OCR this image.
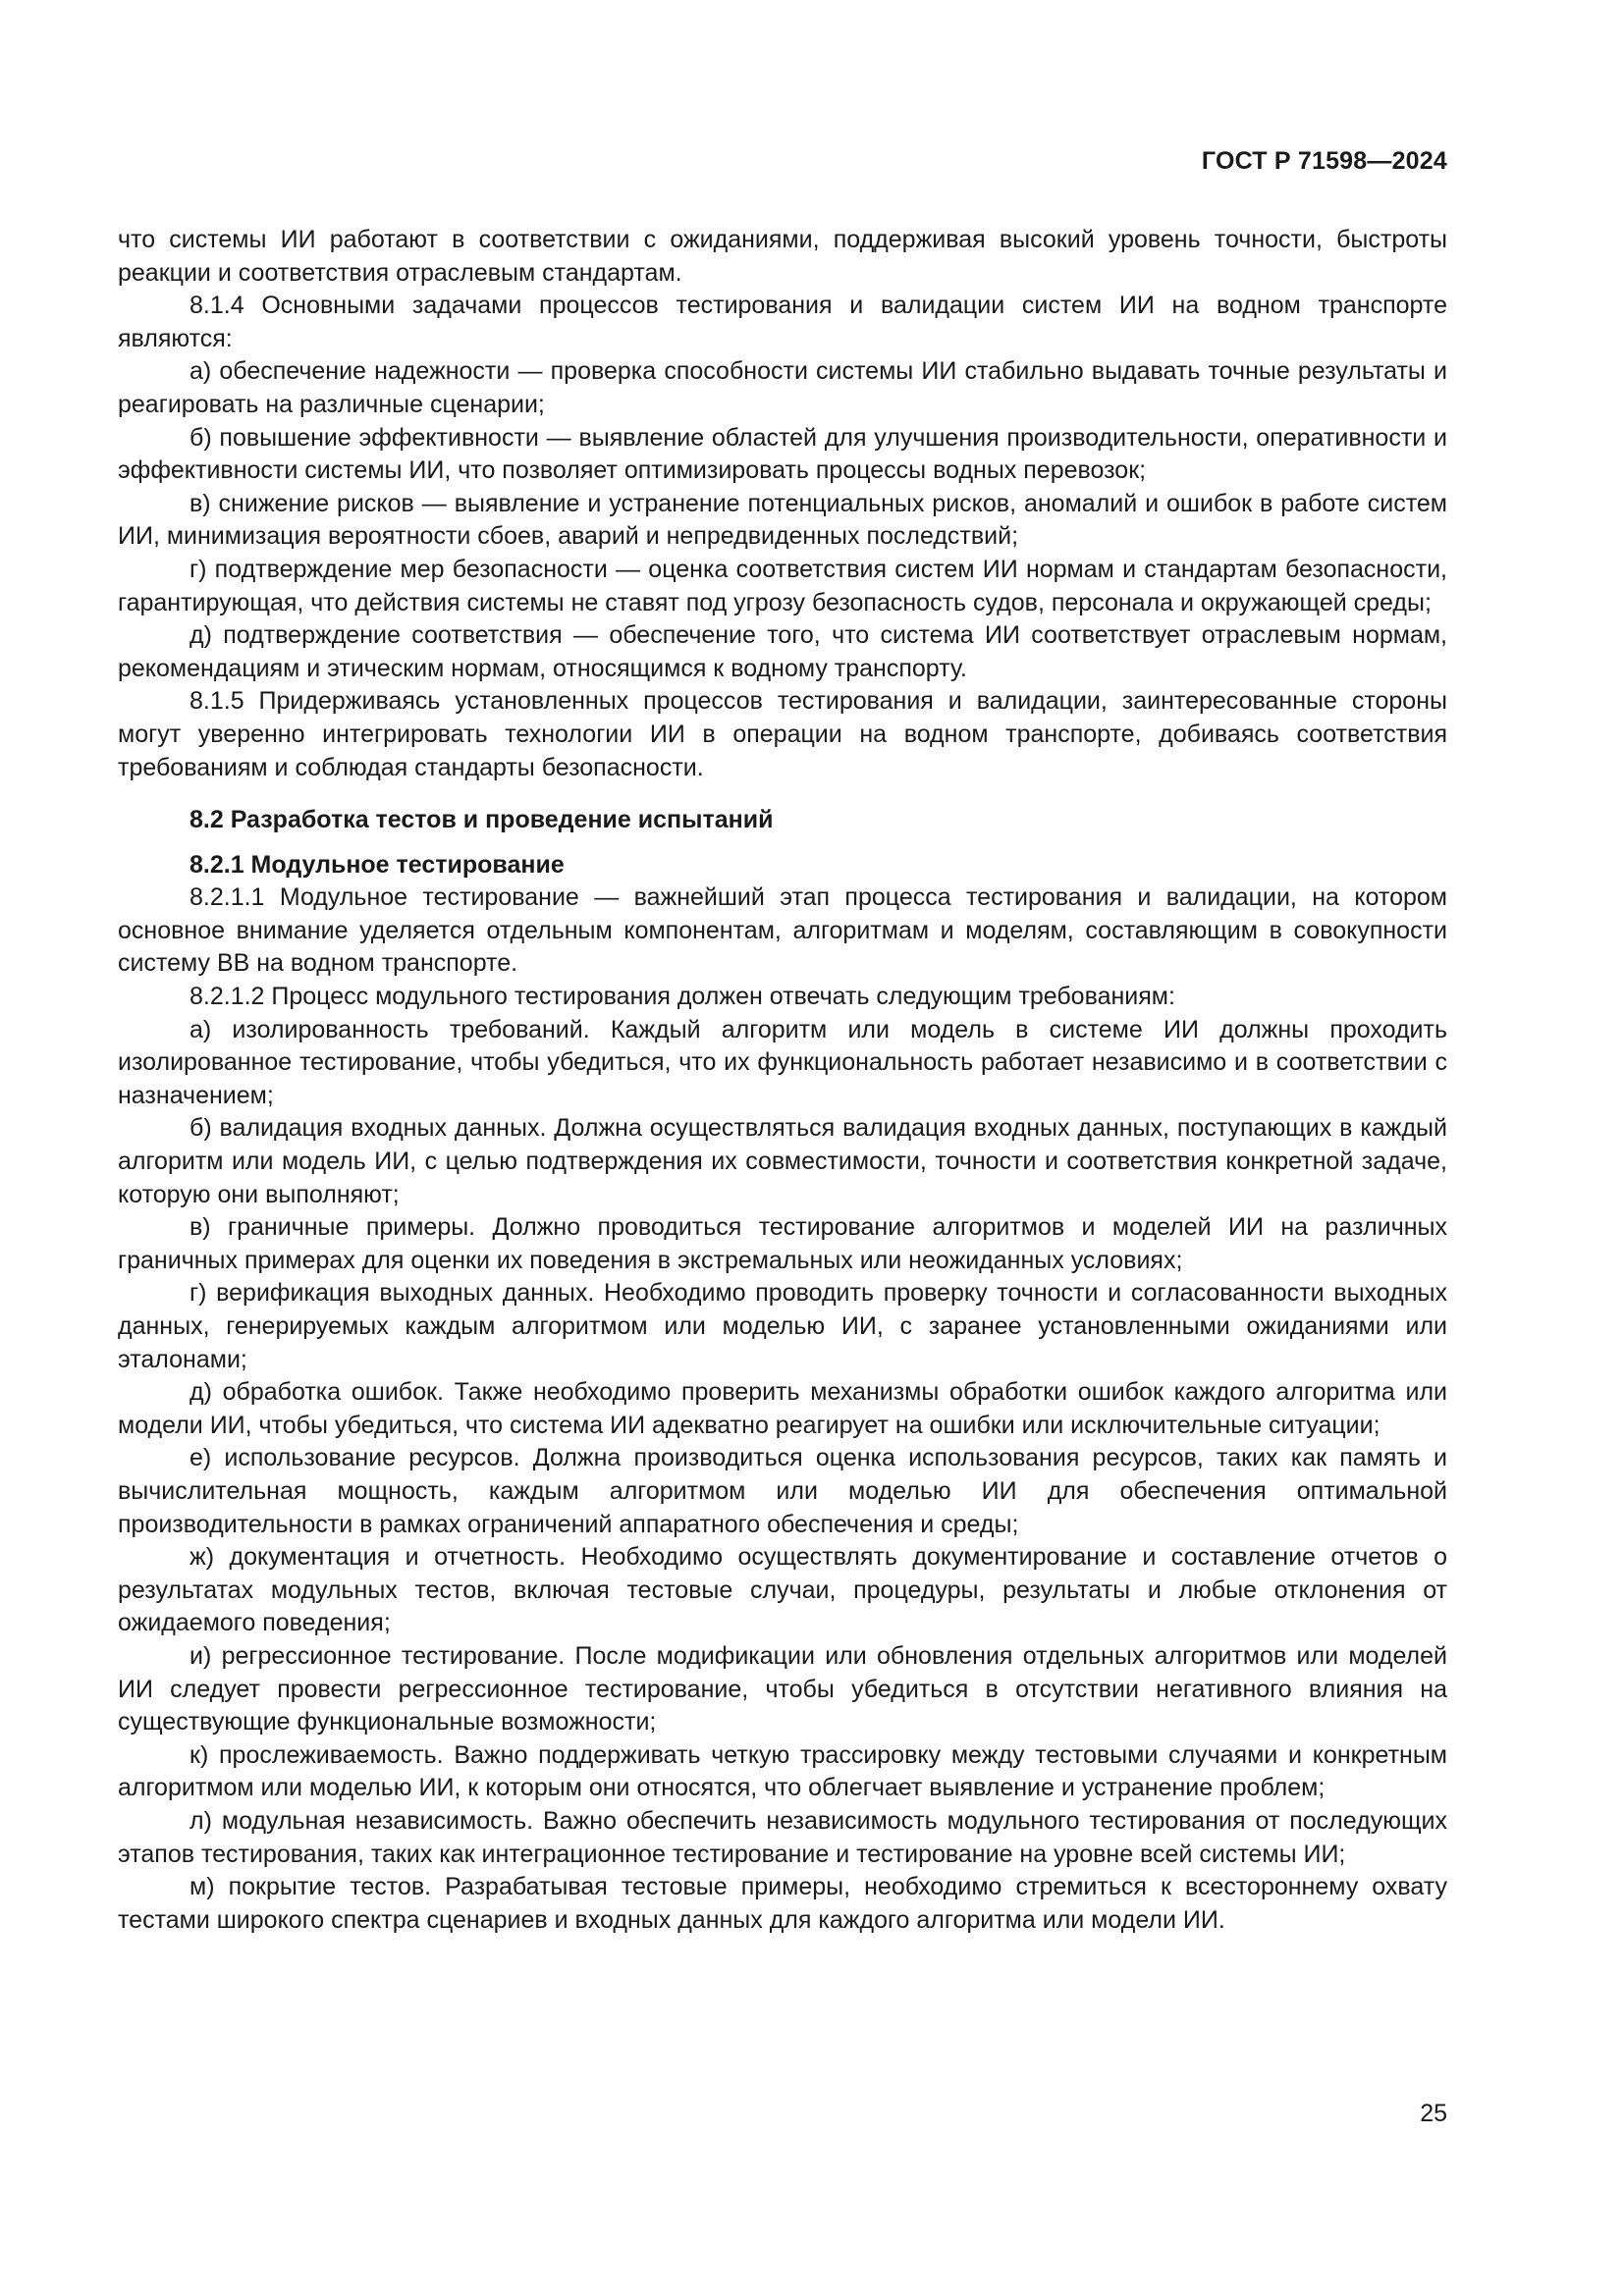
ГОСТ Р 71598—2024

что системы ИИ работают в соответствии с ожиданиями, поддерживая высокий уровень точности, быстроты реакции и соответствия отраслевым стандартам.

8.1.4 Основными задачами процессов тестирования и валидации систем ИИ на водном транспорте являются:

а) обеспечение надежности — проверка способности системы ИИ стабильно выдавать точные результаты и реагировать на различные сценарии;

б) повышение эффективности — выявление областей для улучшения производительности, оперативности и эффективности системы ИИ, что позволяет оптимизировать процессы водных перевозок;

в) снижение рисков — выявление и устранение потенциальных рисков, аномалий и ошибок в работе систем ИИ, минимизация вероятности сбоев, аварий и непредвиденных последствий;

г) подтверждение мер безопасности — оценка соответствия систем ИИ нормам и стандартам безопасности, гарантирующая, что действия системы не ставят под угрозу безопасность судов, персонала и окружающей среды;

д) подтверждение соответствия — обеспечение того, что система ИИ соответствует отраслевым нормам, рекомендациям и этическим нормам, относящимся к водному транспорту.

8.1.5 Придерживаясь установленных процессов тестирования и валидации, заинтересованные стороны могут уверенно интегрировать технологии ИИ в операции на водном транспорте, добиваясь соответствия требованиям и соблюдая стандарты безопасности.

8.2 Разработка тестов и проведение испытаний

8.2.1 Модульное тестирование

8.2.1.1 Модульное тестирование — важнейший этап процесса тестирования и валидации, на котором основное внимание уделяется отдельным компонентам, алгоритмам и моделям, составляющим в совокупности систему ВВ на водном транспорте.

8.2.1.2 Процесс модульного тестирования должен отвечать следующим требованиям:

а) изолированность требований. Каждый алгоритм или модель в системе ИИ должны проходить изолированное тестирование, чтобы убедиться, что их функциональность работает независимо и в соответствии с назначением;

б) валидация входных данных. Должна осуществляться валидация входных данных, поступающих в каждый алгоритм или модель ИИ, с целью подтверждения их совместимости, точности и соответствия конкретной задаче, которую они выполняют;

в) граничные примеры. Должно проводиться тестирование алгоритмов и моделей ИИ на различных граничных примерах для оценки их поведения в экстремальных или неожиданных условиях;

г) верификация выходных данных. Необходимо проводить проверку точности и согласованности выходных данных, генерируемых каждым алгоритмом или моделью ИИ, с заранее установленными ожиданиями или эталонами;

д) обработка ошибок. Также необходимо проверить механизмы обработки ошибок каждого алгоритма или модели ИИ, чтобы убедиться, что система ИИ адекватно реагирует на ошибки или исключительные ситуации;

е) использование ресурсов. Должна производиться оценка использования ресурсов, таких как память и вычислительная мощность, каждым алгоритмом или моделью ИИ для обеспечения оптимальной производительности в рамках ограничений аппаратного обеспечения и среды;

ж) документация и отчетность. Необходимо осуществлять документирование и составление отчетов о результатах модульных тестов, включая тестовые случаи, процедуры, результаты и любые отклонения от ожидаемого поведения;

и) регрессионное тестирование. После модификации или обновления отдельных алгоритмов или моделей ИИ следует провести регрессионное тестирование, чтобы убедиться в отсутствии негативного влияния на существующие функциональные возможности;

к) прослеживаемость. Важно поддерживать четкую трассировку между тестовыми случаями и конкретным алгоритмом или моделью ИИ, к которым они относятся, что облегчает выявление и устранение проблем;

л) модульная независимость. Важно обеспечить независимость модульного тестирования от последующих этапов тестирования, таких как интеграционное тестирование и тестирование на уровне всей системы ИИ;

м) покрытие тестов. Разрабатывая тестовые примеры, необходимо стремиться к всестороннему охвату тестами широкого спектра сценариев и входных данных для каждого алгоритма или модели ИИ.

25
